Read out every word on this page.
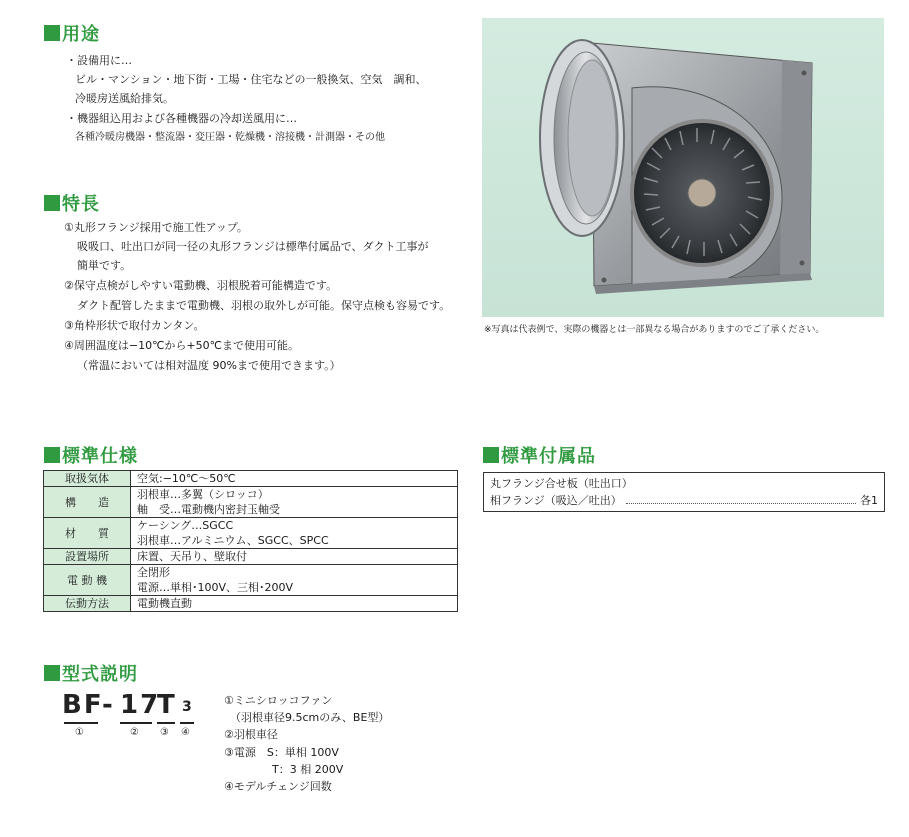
用途
・設備用に…
ビル・マンション・地下街・工場・住宅などの一般換気、空気　調和、
冷暖房送風給排気。
・機器組込用および各種機器の冷却送風用に…
各種冷暖房機器・整流器・変圧器・乾燥機・溶接機・計測器・その他
特長
①丸形フランジ採用で施工性アップ。
吸吸口、吐出口が同一径の丸形フランジは標準付属品で、ダクト工事が
簡単です。
②保守点検がしやすい電動機、羽根脱着可能構造です。
ダクト配管したままで電動機、羽根の取外しが可能。保守点検も容易です。
③角枠形状で取付カンタン。
④周囲温度は−10℃から+50℃まで使用可能。
（常温においては相対温度 90%まで使用できます。）
※写真は代表例で、実際の機器とは一部異なる場合がありますのでご了承ください。
標準仕様
取扱気体	空気:−10℃〜50℃

構　　造	羽根車…多翼（シロッコ）
軸　受…電動機内密封玉軸受

材　　質	ケーシング…SGCC
羽根車…アルミニウム、SGCC、SPCC

設置場所	床置、天吊り、壁取付

電 動 機	全閉形
電源…単相･100V、三相･200V

伝動方法	電動機直動
標準付属品
丸フランジ合せ板（吐出口）
相フランジ（吸込／吐出）	各1
型式説明
BF
- 17
T 3
①	② ③ ④
①ミニシロッコファン
（羽根車径9.5cmのみ、BE型）
②羽根車径
③電源　S：単相 100V
T：3 相 200V
④モデルチェンジ回数
